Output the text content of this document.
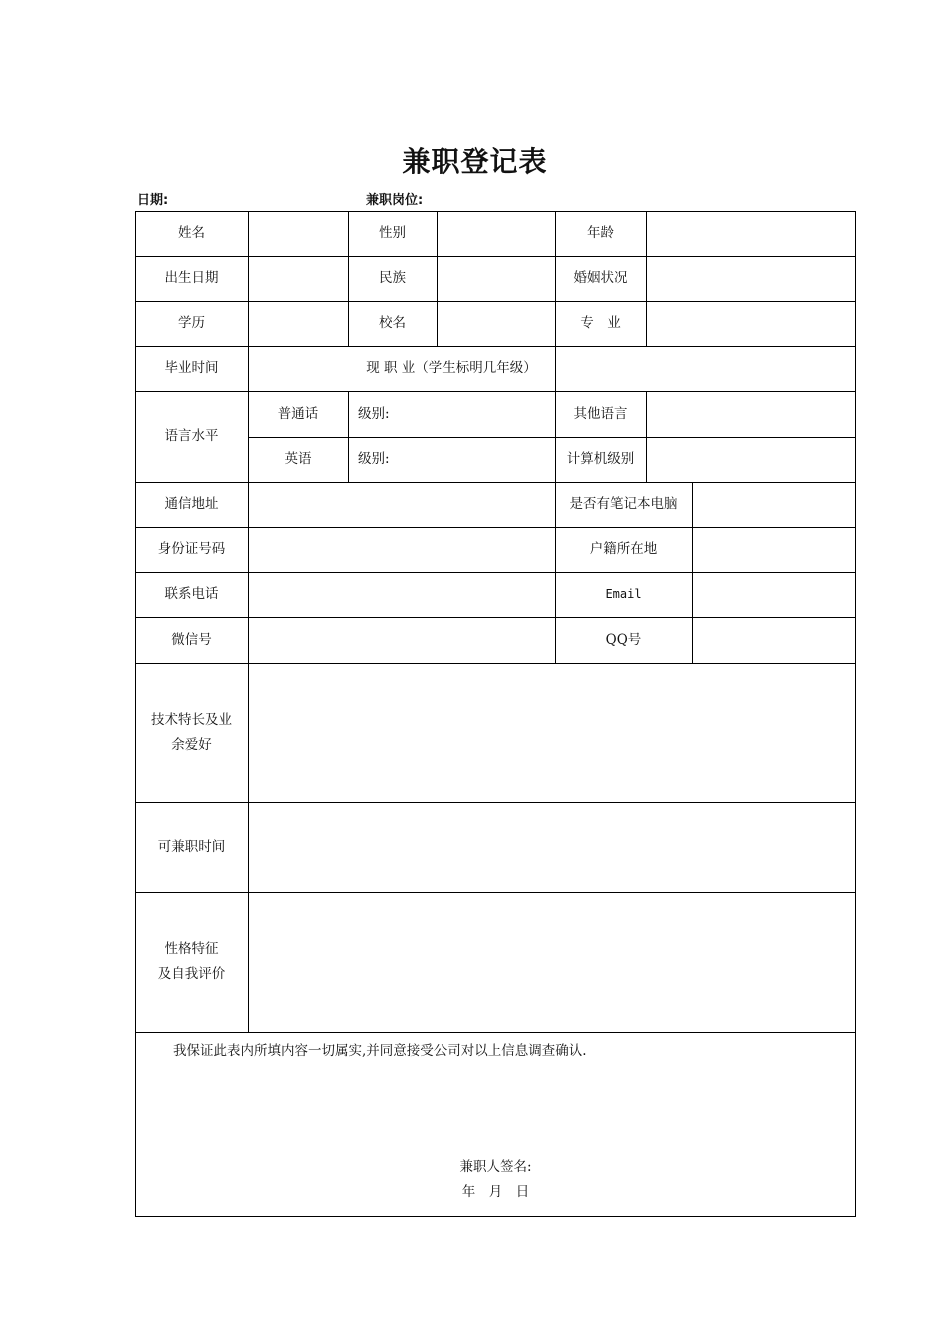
兼职登记表
日期:	兼职岗位:
姓名	性别	年龄
出生日期	民族	婚姻状况
学历	校名	专　业
毕业时间	现 职 业（学生标明几年级）
语言水平
普通话	级别:	其他语言
英语	级别:	计算机级别
通信地址	是否有笔记本电脑
身份证号码	户籍所在地
联系电话	Email
微信号	QQ号
技术特长及业
余爱好
可兼职时间
性格特征
及自我评价
我保证此表内所填内容一切属实,并同意接受公司对以上信息调查确认.
兼职人签名:
年　月　日
